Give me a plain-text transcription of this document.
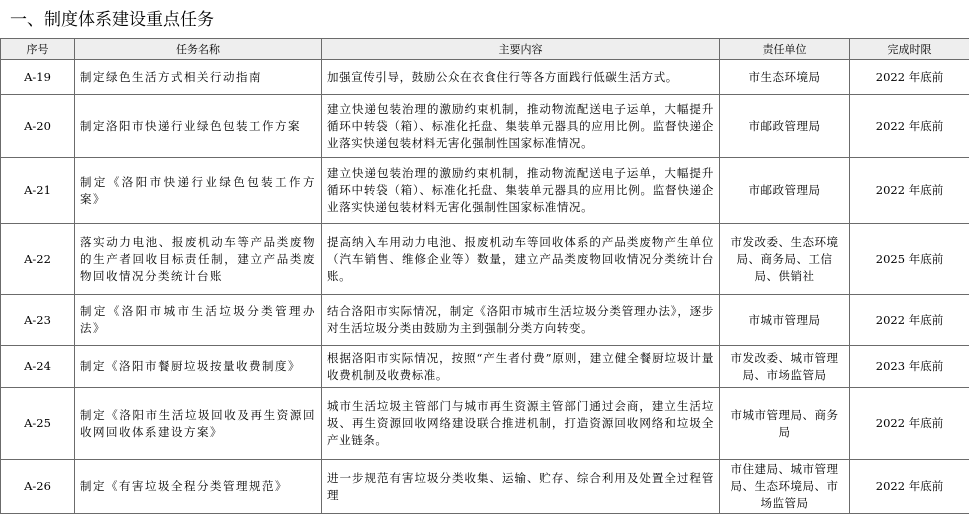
一、制度体系建设重点任务
序号	任务名称	主要内容	责任单位	完成时限
A-19	制定绿色生活方式相关行动指南	加强宣传引导，鼓励公众在衣食住行等各方面践行低碳生活方式。	市生态环境局	2022 年底前
A-20	制定洛阳市快递行业绿色包装工作方案	建立快递包装治理的激励约束机制，推动物流配送电子运单，大幅提升循环中转袋（箱）、标准化托盘、集装单元器具的应用比例。监督快递企业落实快递包装材料无害化强制性国家标准情况。	市邮政管理局	2022 年底前
A-21	制定《洛阳市快递行业绿色包装工作方案》	建立快递包装治理的激励约束机制，推动物流配送电子运单，大幅提升循环中转袋（箱）、标准化托盘、集装单元器具的应用比例。监督快递企业落实快递包装材料无害化强制性国家标准情况。	市邮政管理局	2022 年底前
A-22	落实动力电池、报废机动车等产品类废物的生产者回收目标责任制，建立产品类废物回收情况分类统计台账	提高纳入车用动力电池、报废机动车等回收体系的产品类废物产生单位（汽车销售、维修企业等）数量，建立产品类废物回收情况分类统计台账。	市发改委、生态环境局、商务局、工信局、供销社	2025 年底前
A-23	制定《洛阳市城市生活垃圾分类管理办法》	结合洛阳市实际情况，制定《洛阳市城市生活垃圾分类管理办法》，逐步对生活垃圾分类由鼓励为主到强制分类方向转变。	市城市管理局	2022 年底前
A-24	制定《洛阳市餐厨垃圾按量收费制度》	根据洛阳市实际情况，按照“产生者付费”原则，建立健全餐厨垃圾计量收费机制及收费标准。	市发改委、城市管理局、市场监管局	2023 年底前
A-25	制定《洛阳市生活垃圾回收及再生资源回收网回收体系建设方案》	城市生活垃圾主管部门与城市再生资源主管部门通过会商，建立生活垃圾、再生资源回收网络建设联合推进机制，打造资源回收网络和垃圾全产业链条。	市城市管理局、商务局	2022 年底前
A-26	制定《有害垃圾全程分类管理规范》	进一步规范有害垃圾分类收集、运输、贮存、综合利用及处置全过程管理	市住建局、城市管理局、生态环境局、市场监管局	2022 年底前
